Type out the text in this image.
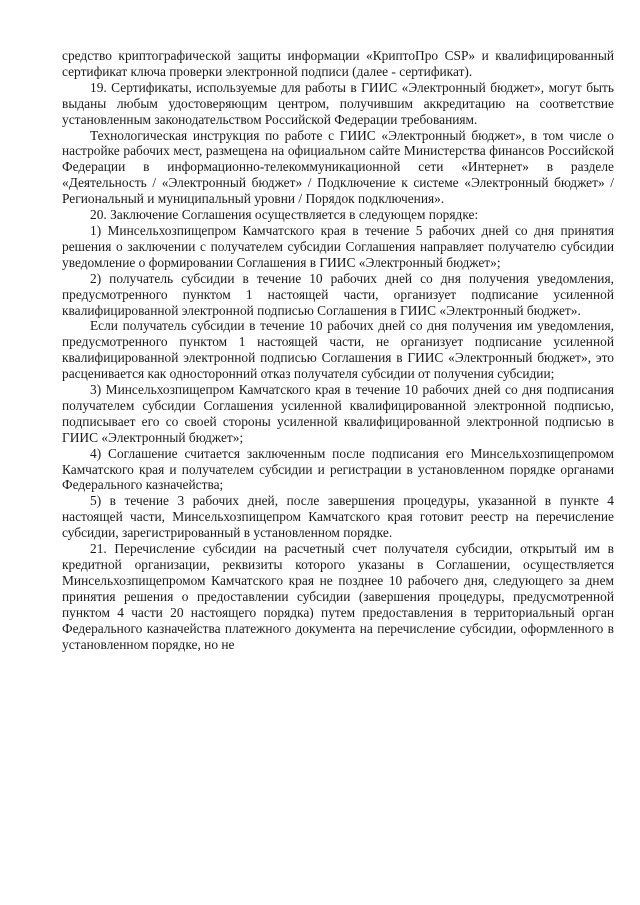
средство криптографической защиты информации «КриптоПро CSP» и квалифицированный сертификат ключа проверки электронной подписи (далее - сертификат).

19. Сертификаты, используемые для работы в ГИИС «Электронный бюджет», могут быть выданы любым удостоверяющим центром, получившим аккредитацию на соответствие установленным законодательством Российской Федерации требованиям.

Технологическая инструкция по работе с ГИИС «Электронный бюджет», в том числе о настройке рабочих мест, размещена на официальном сайте Министерства финансов Российской Федерации в информационно-телекоммуникационной сети «Интернет» в разделе «Деятельность / «Электронный бюджет» / Подключение к системе «Электронный бюджет» / Региональный и муниципальный уровни / Порядок подключения».

20. Заключение Соглашения осуществляется в следующем порядке:

1) Минсельхозпищепром Камчатского края в течение 5 рабочих дней со дня принятия решения о заключении с получателем субсидии Соглашения направляет получателю субсидии уведомление о формировании Соглашения в ГИИС «Электронный бюджет»;

2) получатель субсидии в течение 10 рабочих дней со дня получения уведомления, предусмотренного пунктом 1 настоящей части, организует подписание усиленной квалифицированной электронной подписью Соглашения в ГИИС «Электронный бюджет».

Если получатель субсидии в течение 10 рабочих дней со дня получения им уведомления, предусмотренного пунктом 1 настоящей части, не организует подписание усиленной квалифицированной электронной подписью Соглашения в ГИИС «Электронный бюджет», это расценивается как односторонний отказ получателя субсидии от получения субсидии;

3) Минсельхозпищепром Камчатского края в течение 10 рабочих дней со дня подписания получателем субсидии Соглашения усиленной квалифицированной электронной подписью, подписывает его со своей стороны усиленной квалифицированной электронной подписью в ГИИС «Электронный бюджет»;

4) Соглашение считается заключенным после подписания его Минсельхозпищепромом Камчатского края и получателем субсидии и регистрации в установленном порядке органами Федерального казначейства;

5) в течение 3 рабочих дней, после завершения процедуры, указанной в пункте 4 настоящей части, Минсельхозпищепром Камчатского края готовит реестр на перечисление субсидии, зарегистрированный в установленном порядке.

21. Перечисление субсидии на расчетный счет получателя субсидии, открытый им в кредитной организации, реквизиты которого указаны в Соглашении, осуществляется Минсельхозпищепромом Камчатского края не позднее 10 рабочего дня, следующего за днем принятия решения о предоставлении субсидии (завершения процедуры, предусмотренной пунктом 4 части 20 настоящего порядка) путем предоставления в территориальный орган Федерального казначейства платежного документа на перечисление субсидии, оформленного в установленном порядке, но не
